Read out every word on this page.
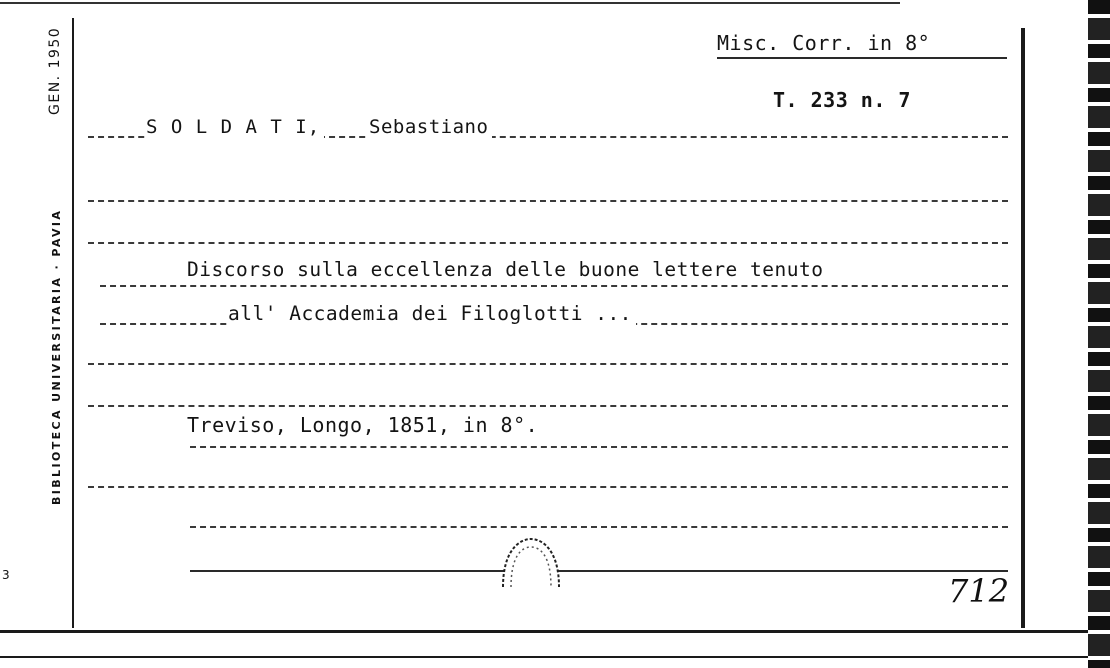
BIBLIOTECA UNIVERSITARIA · PAVIA
GEN. 1950
3
Misc. Corr. in 8°
T. 233 n. 7
S O L D A T I,	Sebastiano
Discorso sulla eccellenza delle buone lettere tenuto
all' Accademia dei Filoglotti ...
Treviso, Longo, 1851, in 8°.
712
